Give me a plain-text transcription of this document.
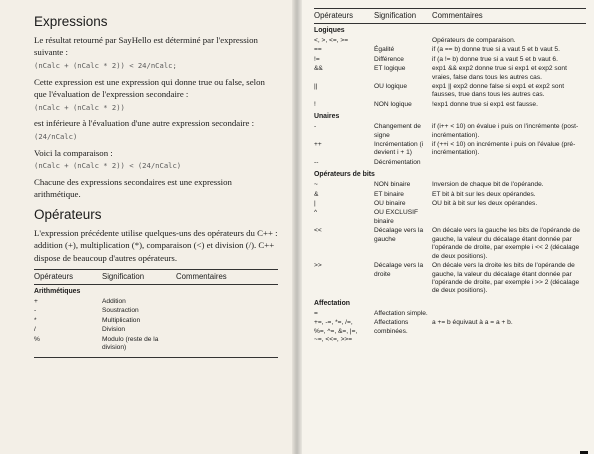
Expressions

Le résultat retourné par SayHello est déterminé par l'expression suivante :

(nCalc + (nCalc * 2)) < 24/nCalc;

Cette expression est une expression qui donne true ou false, selon que l'évaluation de l'expression secondaire :

(nCalc + (nCalc * 2))

est inférieure à l'évaluation d'une autre expression secondaire :

(24/nCalc)

Voici la comparaison :

(nCalc + (nCalc * 2)) < (24/nCalc)

Chacune des expressions secondaires est une expression arithmétique.

Opérateurs

L'expression précédente utilise quelques-uns des opérateurs du C++ : addition (+), multiplication (*), comparaison (<) et division (/). C++ dispose de beaucoup d'autres opérateurs.

Opérateurs	Signification	Commentaires
Arithmétiques		
+	Addition	
-	Soustraction	
*	Multiplication	
/	Division	
%	Modulo (reste de la division)	

Opérateurs	Signification	Commentaires
Logiques		
<, >, <=, >=		Opérateurs de comparaison.
==	Égalité	if (a == b) donne true si a vaut 5 et b vaut 5.
!=	Différence	if (a != b) donne true si a vaut 5 et b vaut 6.
&&	ET logique	exp1 && exp2 donne true si exp1 et exp2 sont vraies, false dans tous les autres cas.
||	OU logique	exp1 || exp2 donne false si exp1 et exp2 sont fausses, true dans tous les autres cas.
!	NON logique	!exp1 donne true si exp1 est fausse.
Unaires		
-	Changement de signe	if (i++ < 10) on évalue i puis on l'incrémente (post-incrémentation).
++	Incrémentation (i devient i + 1)	if (++i < 10) on incrémente i puis on l'évalue (pré-incrémentation).
--	Décrémentation	
Opérateurs de bits		
~	NON binaire	Inversion de chaque bit de l'opérande.
&	ET binaire	ET bit à bit sur les deux opérandes.
|	OU binaire	OU bit à bit sur les deux opérandes.
^	OU EXCLUSIF binaire	
<<	Décalage vers la gauche	On décale vers la gauche les bits de l'opérande de gauche, la valeur du décalage étant donnée par l'opérande de droite, par exemple i << 2 (décalage de deux positions).
>>	Décalage vers la droite	On décale vers la droite les bits de l'opérande de gauche, la valeur du décalage étant donnée par l'opérande de droite, par exemple i >> 2 (décalage de deux positions).
Affectation		
=	Affectation simple.	
+=, -=, *=, /=,
%=, ^=, &=, |=,
~=, <<=, >>=	Affectations combinées.	a += b équivaut à a = a + b.
